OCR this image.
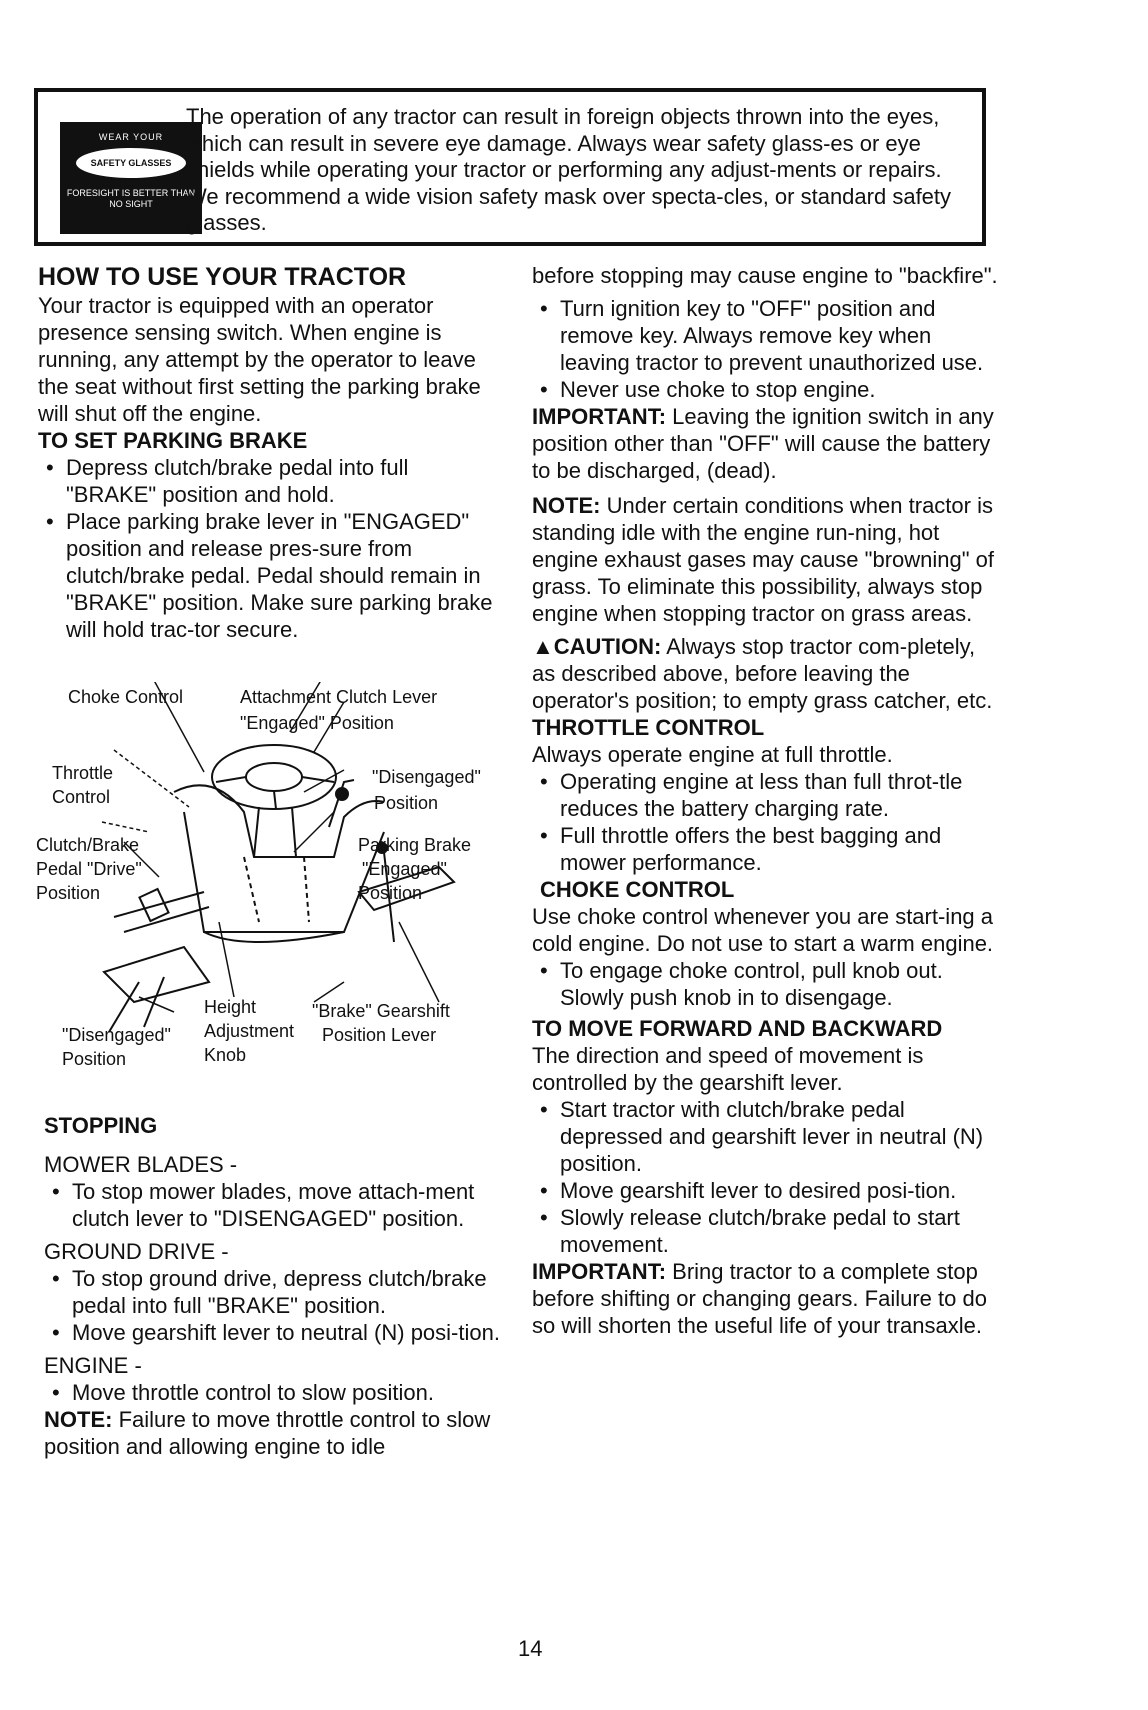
WEAR YOUR
SAFETY GLASSES
FORESIGHT IS BETTER THAN NO SIGHT
The operation of any tractor can result in foreign objects thrown into the eyes, which can result in severe eye damage. Always wear safety glass-es or eye shields while operating your tractor or performing any adjust-ments or repairs. We recommend a wide vision safety mask over specta-cles, or standard safety glasses.

HOW TO USE YOUR TRACTOR

Your tractor is equipped with an operator presence sensing switch. When engine is running, any attempt by the operator to leave the seat without first setting the parking brake will shut off the engine.

TO SET PARKING BRAKE

• Depress clutch/brake pedal into full "BRAKE" position and hold.

• Place parking brake lever in "ENGAGED" position and release pres-sure from clutch/brake pedal. Pedal should remain in "BRAKE" position. Make sure parking brake will hold trac-tor secure.

Choke Control	Attachment Clutch Lever
"Engaged" Position
Throttle
Control
"Disengaged"
Position
Clutch/Brake
Pedal "Drive"
Position
Parking Brake
"Engaged"
Position
Height
Adjustment
Knob
"Brake" Gearshift
Position Lever
"Disengaged"
Position

STOPPING

MOWER BLADES -

• To stop mower blades, move attach-ment clutch lever to "DISENGAGED" position.

GROUND DRIVE -

• To stop ground drive, depress clutch/brake pedal into full "BRAKE" position.

• Move gearshift lever to neutral (N) posi-tion.

ENGINE -

• Move throttle control to slow position.

NOTE: Failure to move throttle control to slow position and allowing engine to idle

before stopping may cause engine to "backfire".

• Turn ignition key to "OFF" position and remove key. Always remove key when leaving tractor to prevent unauthorized use.

• Never use choke to stop engine.

IMPORTANT: Leaving the ignition switch in any position other than "OFF" will cause the battery to be discharged, (dead).

NOTE: Under certain conditions when tractor is standing idle with the engine run-ning, hot engine exhaust gases may cause "browning" of grass. To eliminate this possibility, always stop engine when stopping tractor on grass areas.

▲CAUTION: Always stop tractor com-pletely, as described above, before leaving the operator's position; to empty grass catcher, etc.

THROTTLE CONTROL

Always operate engine at full throttle.

• Operating engine at less than full throt-tle reduces the battery charging rate.

• Full throttle offers the best bagging and mower performance.

CHOKE CONTROL

Use choke control whenever you are start-ing a cold engine. Do not use to start a warm engine.

• To engage choke control, pull knob out. Slowly push knob in to disengage.

TO MOVE FORWARD AND BACKWARD

The direction and speed of movement is controlled by the gearshift lever.

• Start tractor with clutch/brake pedal depressed and gearshift lever in neutral (N) position.

• Move gearshift lever to desired posi-tion.

• Slowly release clutch/brake pedal to start movement.

IMPORTANT: Bring tractor to a complete stop before shifting or changing gears. Failure to do so will shorten the useful life of your transaxle.

14
